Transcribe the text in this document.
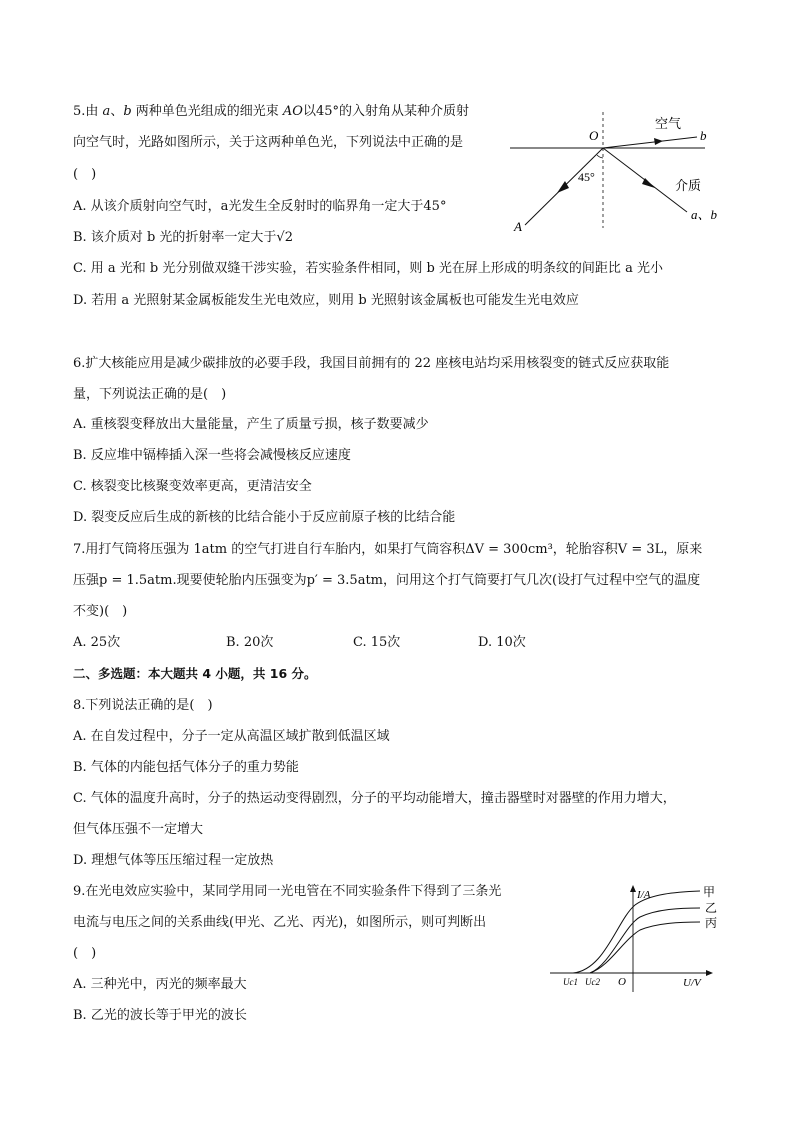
5.由 a、b 两种单色光组成的细光束 AO以45°的入射角从某种介质射
向空气时，光路如图所示，关于这两种单色光，下列说法中正确的是
(　)
A. 从该介质射向空气时，a光发生全反射时的临界角一定大于45°
B. 该介质对 b 光的折射率一定大于√2
C. 用 a 光和 b 光分别做双缝干涉实验，若实验条件相同，则 b 光在屏上形成的明条纹的间距比 a 光小
D. 若用 a 光照射某金属板能发生光电效应，则用 b 光照射该金属板也可能发生光电效应
O
空气
b
介质
a、b
A
45°
6.扩大核能应用是减少碳排放的必要手段，我国目前拥有的 22 座核电站均采用核裂变的链式反应获取能
量，下列说法正确的是(　)
A. 重核裂变释放出大量能量，产生了质量亏损，核子数要减少
B. 反应堆中镉棒插入深一些将会减慢核反应速度
C. 核裂变比核聚变效率更高，更清洁安全
D. 裂变反应后生成的新核的比结合能小于反应前原子核的比结合能
7.用打气筒将压强为 1atm 的空气打进自行车胎内，如果打气筒容积ΔV = 300cm³，轮胎容积V = 3L，原来
压强p = 1.5atm.现要使轮胎内压强变为p′ = 3.5atm，问用这个打气筒要打气几次(设打气过程中空气的温度
不变)(　)
A. 25次	B. 20次	C. 15次	D. 10次
二、多选题：本大题共 4 小题，共 16 分。
8.下列说法正确的是(　)
A. 在自发过程中，分子一定从高温区域扩散到低温区域
B. 气体的内能包括气体分子的重力势能
C. 气体的温度升高时，分子的热运动变得剧烈，分子的平均动能增大，撞击器壁时对器壁的作用力增大，
但气体压强不一定增大
D. 理想气体等压压缩过程一定放热
9.在光电效应实验中，某同学用同一光电管在不同实验条件下得到了三条光
电流与电压之间的关系曲线(甲光、乙光、丙光)，如图所示，则可判断出
(　)
A. 三种光中，丙光的频率最大
B. 乙光的波长等于甲光的波长
I/A
U/V
甲
乙
丙
Uc1 Uc2 O
